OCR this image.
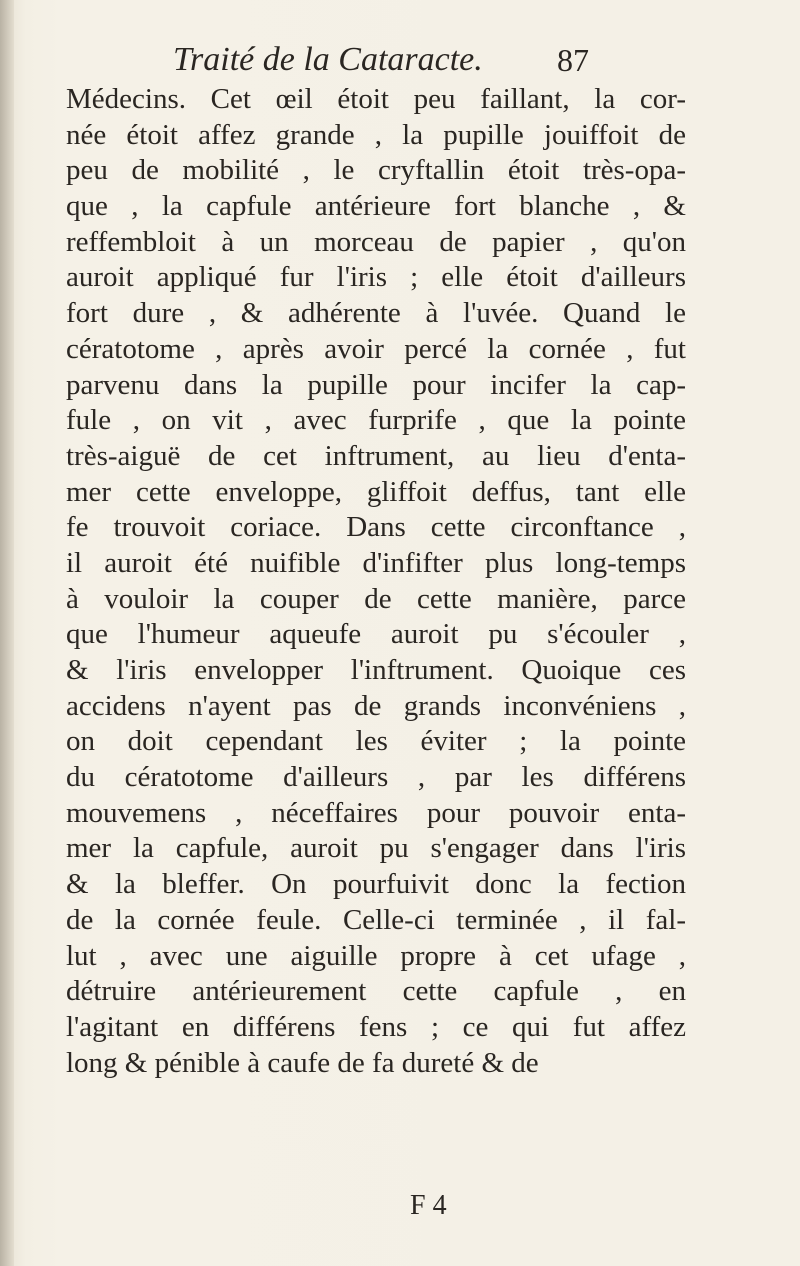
Traité de la Cataracte. 87
Médecins. Cet œil étoit peu faillant, la cor-
née étoit affez grande , la pupille jouiffoit de
peu de mobilité , le cryftallin étoit très-opa-
que , la capfule antérieure fort blanche , &
reffembloit à un morceau de papier , qu'on
auroit appliqué fur l'iris ; elle étoit d'ailleurs
fort dure , & adhérente à l'uvée. Quand le
cératotome , après avoir percé la cornée , fut
parvenu dans la pupille pour incifer la cap-
fule , on vit , avec furprife , que la pointe
très-aiguë de cet inftrument, au lieu d'enta-
mer cette enveloppe, gliffoit deffus, tant elle
fe trouvoit coriace. Dans cette circonftance ,
il auroit été nuifible d'infifter plus long-temps
à vouloir la couper de cette manière, parce
que l'humeur aqueufe auroit pu s'écouler ,
& l'iris envelopper l'inftrument. Quoique ces
accidens n'ayent pas de grands inconvéniens ,
on doit cependant les éviter ; la pointe
du cératotome d'ailleurs , par les différens
mouvemens , néceffaires pour pouvoir enta-
mer la capfule, auroit pu s'engager dans l'iris
& la bleffer. On pourfuivit donc la fection
de la cornée feule. Celle-ci terminée , il fal-
lut , avec une aiguille propre à cet ufage ,
détruire antérieurement cette capfule , en
l'agitant en différens fens ; ce qui fut affez
long & pénible à caufe de fa dureté & de
F 4
